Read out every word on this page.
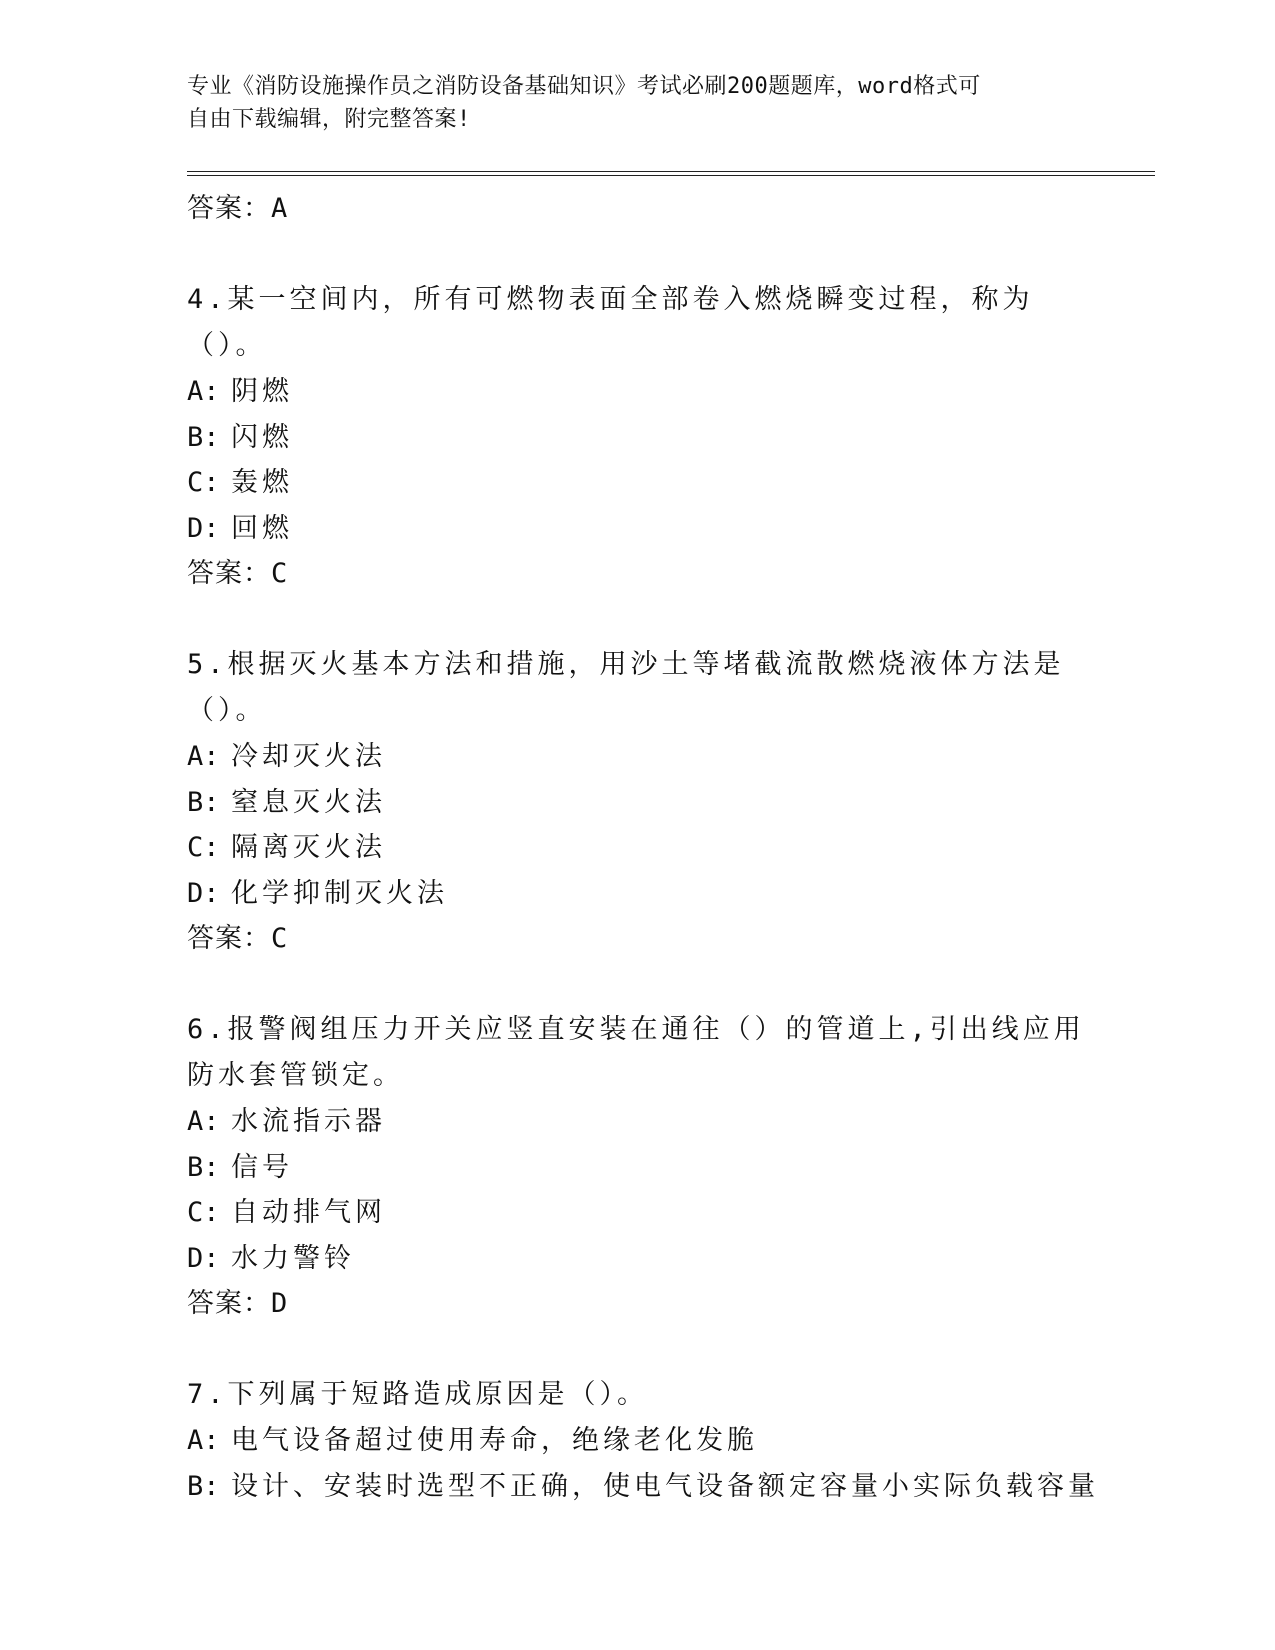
专业《消防设施操作员之消防设备基础知识》考试必刷200题题库，word格式可
自由下载编辑，附完整答案!
答案：A
4.某一空间内，所有可燃物表面全部卷入燃烧瞬变过程，称为（）。
A: 阴燃
B: 闪燃
C: 轰燃
D: 回燃
答案：C
5.根据灭火基本方法和措施，用沙土等堵截流散燃烧液体方法是（）。
A: 冷却灭火法
B: 窒息灭火法
C: 隔离灭火法
D: 化学抑制灭火法
答案：C
6.报警阀组压力开关应竖直安装在通往（）的管道上,引出线应用防水套管锁定。
A: 水流指示器
B: 信号
C: 自动排气网
D: 水力警铃
答案：D
7.下列属于短路造成原因是（）。
A: 电气设备超过使用寿命，绝缘老化发脆
B: 设计、安装时选型不正确，使电气设备额定容量小实际负载容量
